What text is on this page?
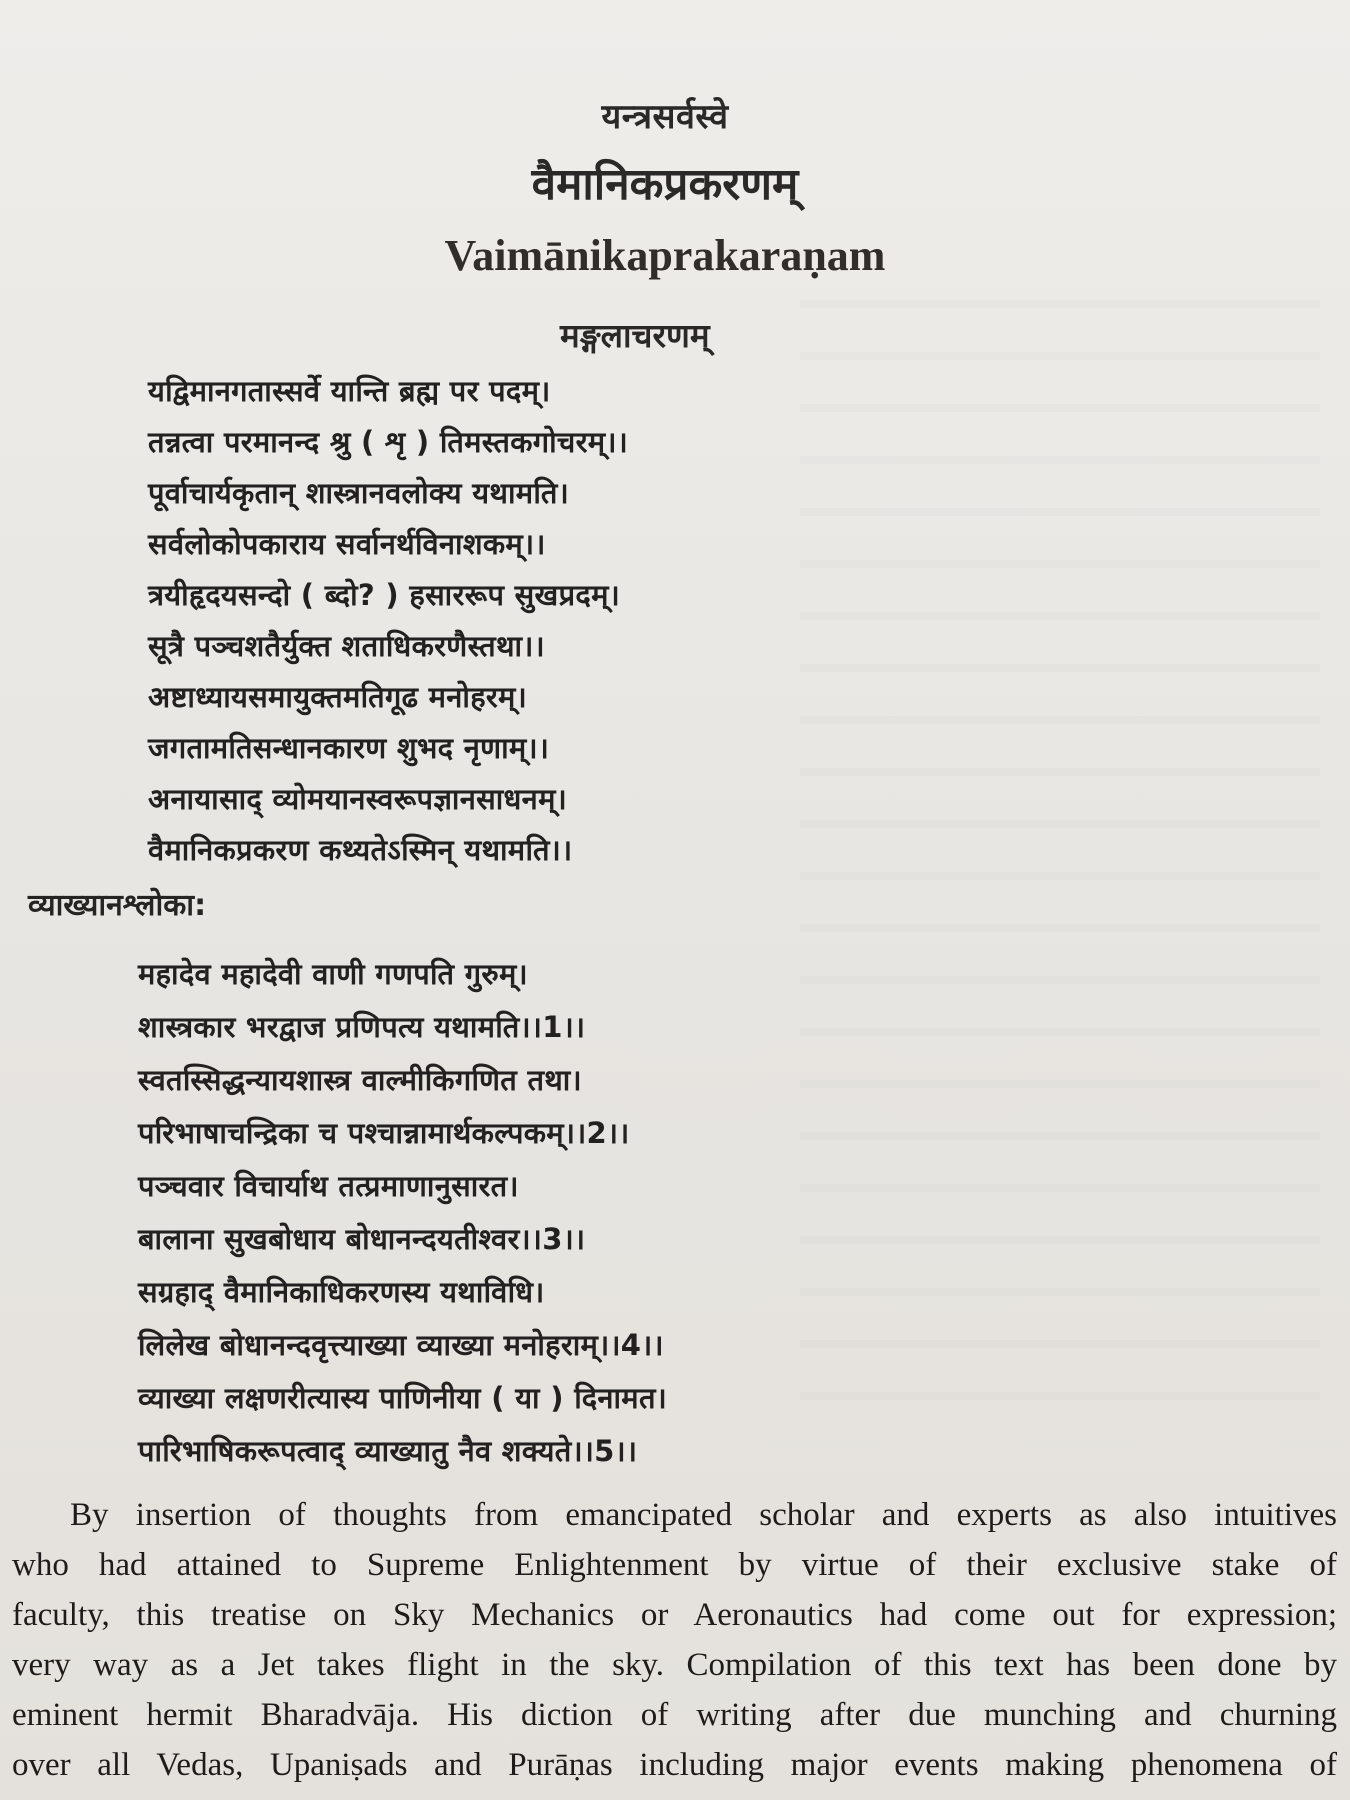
यन्त्रसर्वस्वे
वैमानिकप्रकरणम्
Vaimānikaprakaraṇam
मङ्गलाचरणम्
यद्विमानगतास्सर्वे यान्ति ब्रह्म पर पदम्।
तन्नत्वा परमानन्द श्रु ( शृ ) तिमस्तकगोचरम्।।
पूर्वाचार्यकृतान् शास्त्रानवलोक्य यथामति।
सर्वलोकोपकाराय सर्वानर्थविनाशकम्।।
त्रयीहृदयसन्दो ( ब्दो? ) हसाररूप सुखप्रदम्।
सूत्रै पञ्चशतैर्युक्त शताधिकरणैस्तथा।।
अष्टाध्यायसमायुक्तमतिगूढ मनोहरम्।
जगतामतिसन्धानकारण शुभद नृणाम्।।
अनायासाद् व्योमयानस्वरूपज्ञानसाधनम्।
वैमानिकप्रकरण कथ्यतेऽस्मिन् यथामति।।
व्याख्यानश्लोका:
महादेव महादेवी वाणी गणपति गुरुम्।
शास्त्रकार भरद्वाज प्रणिपत्य यथामति।।1।।
स्वतस्सिद्धन्यायशास्त्र वाल्मीकिगणित तथा।
परिभाषाचन्द्रिका च पश्चान्नामार्थकल्पकम्।।2।।
पञ्चवार विचार्याथ तत्प्रमाणानुसारत।
बालाना सुखबोधाय बोधानन्दयतीश्वर।।3।।
सग्रहाद् वैमानिकाधिकरणस्य यथाविधि।
लिलेख बोधानन्दवृत्त्याख्या व्याख्या मनोहराम्।।4।।
व्याख्या लक्षणरीत्यास्य पाणिनीया ( या ) दिनामत।
पारिभाषिकरूपत्वाद् व्याख्यातु नैव शक्यते।।5।।
By insertion of thoughts from emancipated scholar and experts as also intuitives
who had attained to Supreme Enlightenment by virtue of their exclusive stake of
faculty, this treatise on Sky Mechanics or Aeronautics had come out for expression;
very way as a Jet takes flight in the sky. Compilation of this text has been done by
eminent hermit Bharadvāja. His diction of writing after due munching and churning
over all Vedas, Upaniṣads and Purāṇas including major events making phenomena of
